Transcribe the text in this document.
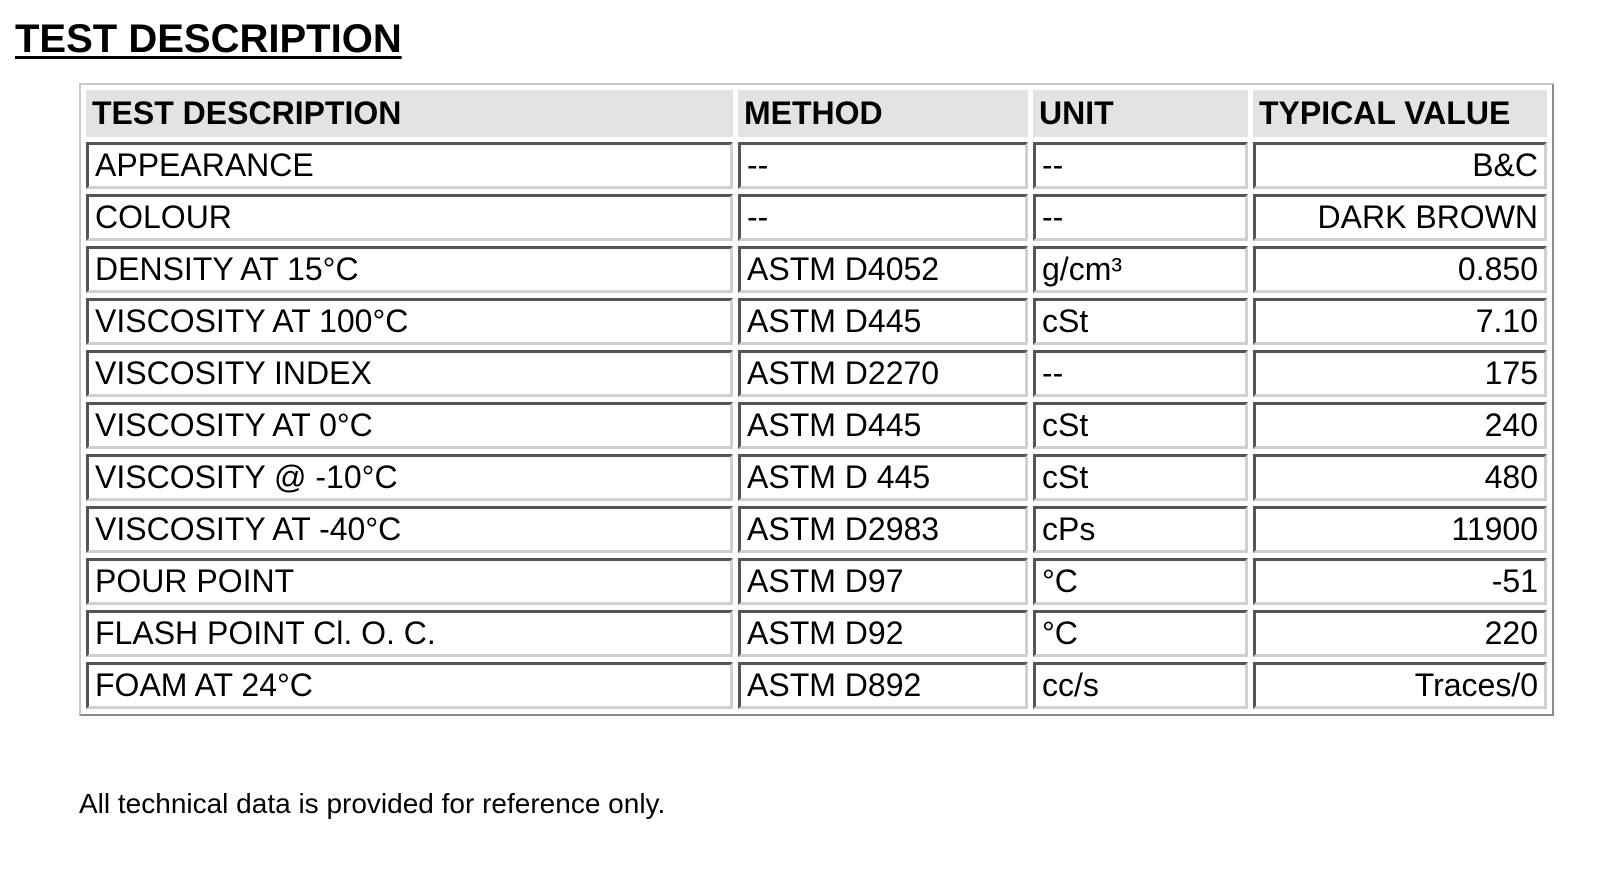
TEST DESCRIPTION
TEST DESCRIPTION	METHOD	UNIT	TYPICAL VALUE
APPEARANCE	--	--	B&C
COLOUR	--	--	DARK BROWN
DENSITY AT 15°C	ASTM D4052	g/cm³	0.850
VISCOSITY AT 100°C	ASTM D445	cSt	7.10
VISCOSITY INDEX	ASTM D2270	--	175
VISCOSITY AT 0°C	ASTM D445	cSt	240
VISCOSITY @ -10°C	ASTM D 445	cSt	480
VISCOSITY AT -40°C	ASTM D2983	cPs	11900
POUR POINT	ASTM D97	°C	-51
FLASH POINT Cl. O. C.	ASTM D92	°C	220
FOAM AT 24°C	ASTM D892	cc/s	Traces/0

All technical data is provided for reference only.
